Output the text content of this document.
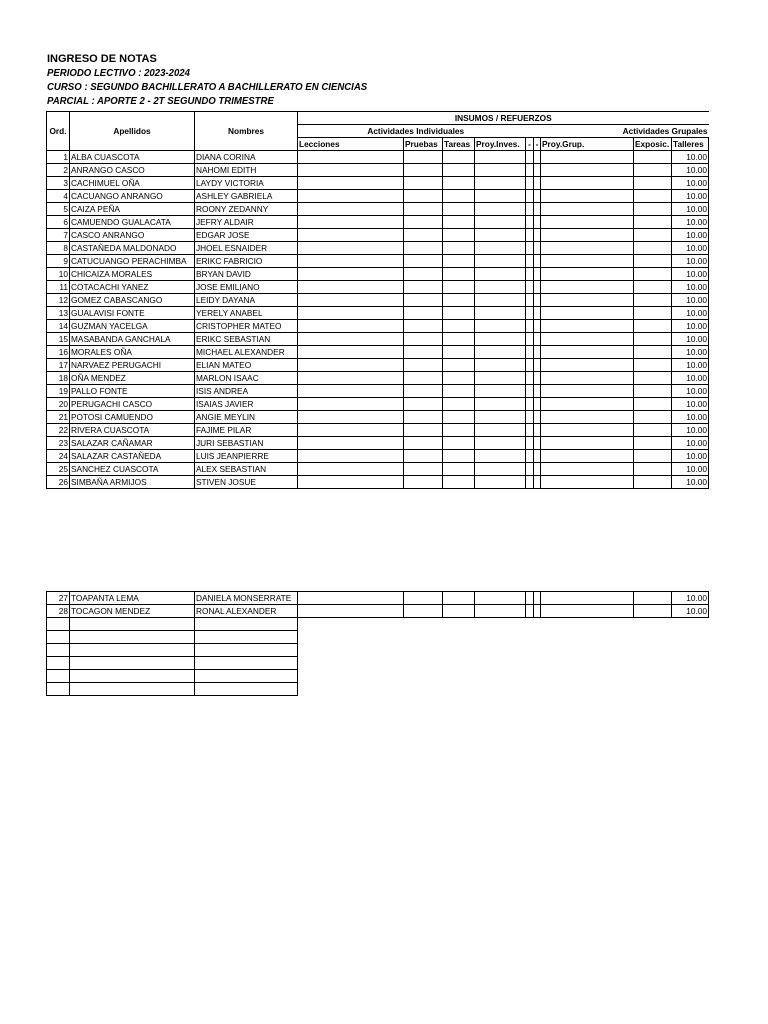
INGRESO DE NOTAS
PERIODO LECTIVO : 2023-2024
CURSO : SEGUNDO BACHILLERATO A BACHILLERATO EN CIENCIAS
PARCIAL : APORTE 2 - 2T SEGUNDO TRIMESTRE
Ord.	Apellidos	Nombres	INSUMOS / REFUERZOS								
			Actividades Individuales					Actividades Grupales			
			Lecciones	Pruebas	Tareas	Proy.Inves.	-	-	Proy.Grup.	Exposic.	Talleres
1	ALBA CUASCOTA	DIANA CORINA									10.00
2	ANRANGO CASCO	NAHOMI EDITH									10.00
3	CACHIMUEL OÑA	LAYDY VICTORIA									10.00
4	CACUANGO ANRANGO	ASHLEY GABRIELA									10.00
5	CAIZA PEÑA	ROONY ZEDANNY									10.00
6	CAMUENDO GUALACATA	JEFRY ALDAIR									10.00
7	CASCO ANRANGO	EDGAR JOSE									10.00
8	CASTAÑEDA MALDONADO	JHOEL ESNAIDER									10.00
9	CATUCUANGO PERACHIMBA	ERIKC FABRICIO									10.00
10	CHICAIZA MORALES	BRYAN DAVID									10.00
11	COTACACHI YANEZ	JOSE EMILIANO									10.00
12	GOMEZ CABASCANGO	LEIDY DAYANA									10.00
13	GUALAVISI FONTE	YERELY ANABEL									10.00
14	GUZMAN YACELGA	CRISTOPHER MATEO									10.00
15	MASABANDA GANCHALA	ERIKC SEBASTIAN									10.00
16	MORALES OÑA	MICHAEL ALEXANDER									10.00
17	NARVAEZ PERUGACHI	ELIAN MATEO									10.00
18	OÑA MENDEZ	MARLON ISAAC									10.00
19	PALLO FONTE	ISIS ANDREA									10.00
20	PERUGACHI CASCO	ISAIAS JAVIER									10.00
21	POTOSI CAMUENDO	ANGIE MEYLIN									10.00
22	RIVERA CUASCOTA	FAJIME PILAR									10.00
23	SALAZAR CAÑAMAR	JURI SEBASTIAN									10.00
24	SALAZAR CASTAÑEDA	LUIS JEANPIERRE									10.00
25	SANCHEZ CUASCOTA	ALEX SEBASTIAN									10.00
26	SIMBAÑA ARMIJOS	STIVEN JOSUE									10.00
27	TOAPANTA LEMA	DANIELA MONSERRATE									10.00
28	TOCAGON MENDEZ	RONAL ALEXANDER									10.00
